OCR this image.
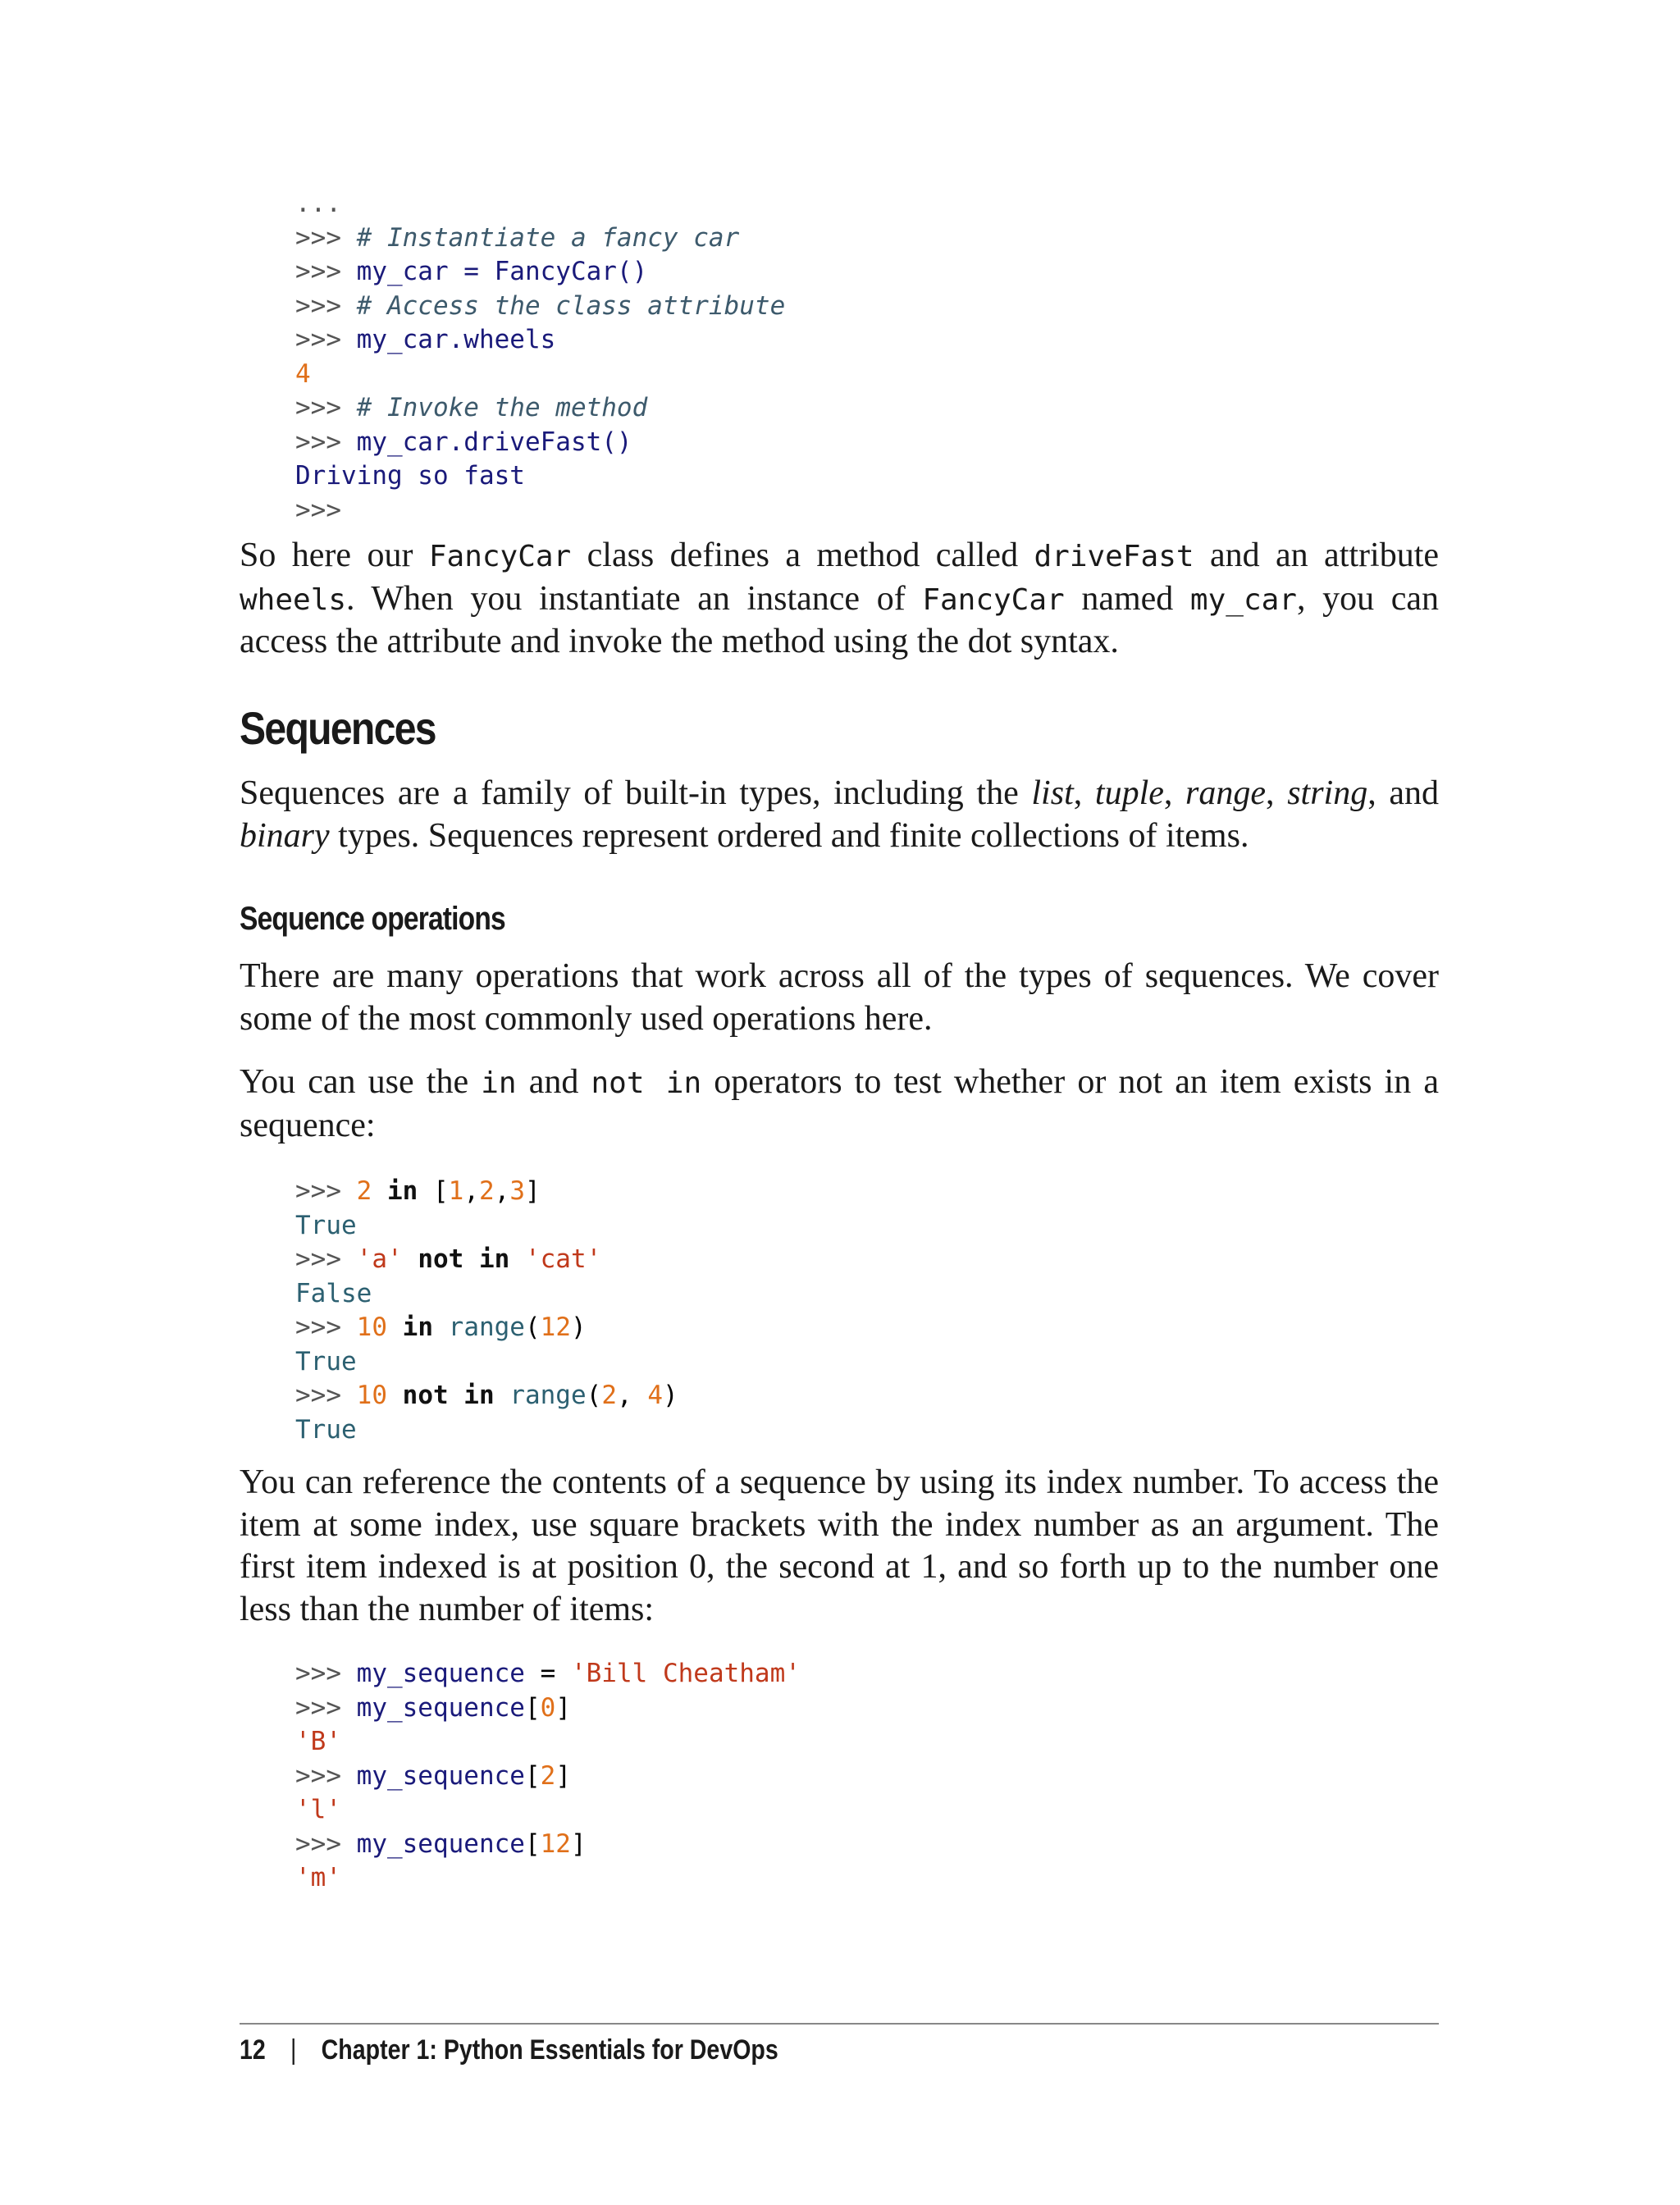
...
>>> # Instantiate a fancy car
>>> my_car = FancyCar()
>>> # Access the class attribute
>>> my_car.wheels
4
>>> # Invoke the method
>>> my_car.driveFast()
Driving so fast
>>>

So here our FancyCar class defines a method called driveFast and an attribute wheels. When you instantiate an instance of FancyCar named my_car, you can access the attribute and invoke the method using the dot syntax.

Sequences

Sequences are a family of built-in types, including the list, tuple, range, string, and binary types. Sequences represent ordered and finite collections of items.

Sequence operations

There are many operations that work across all of the types of sequences. We cover some of the most commonly used operations here.

You can use the in and not in operators to test whether or not an item exists in a sequence:

>>> 2 in [1,2,3]
True
>>> 'a' not in 'cat'
False
>>> 10 in range(12)
True
>>> 10 not in range(2, 4)
True

You can reference the contents of a sequence by using its index number. To access the item at some index, use square brackets with the index number as an argument. The first item indexed is at position 0, the second at 1, and so forth up to the number one less than the number of items:

>>> my_sequence = 'Bill Cheatham'
>>> my_sequence[0]
'B'
>>> my_sequence[2]
'l'
>>> my_sequence[12]
'm'
12 | Chapter 1: Python Essentials for DevOps
